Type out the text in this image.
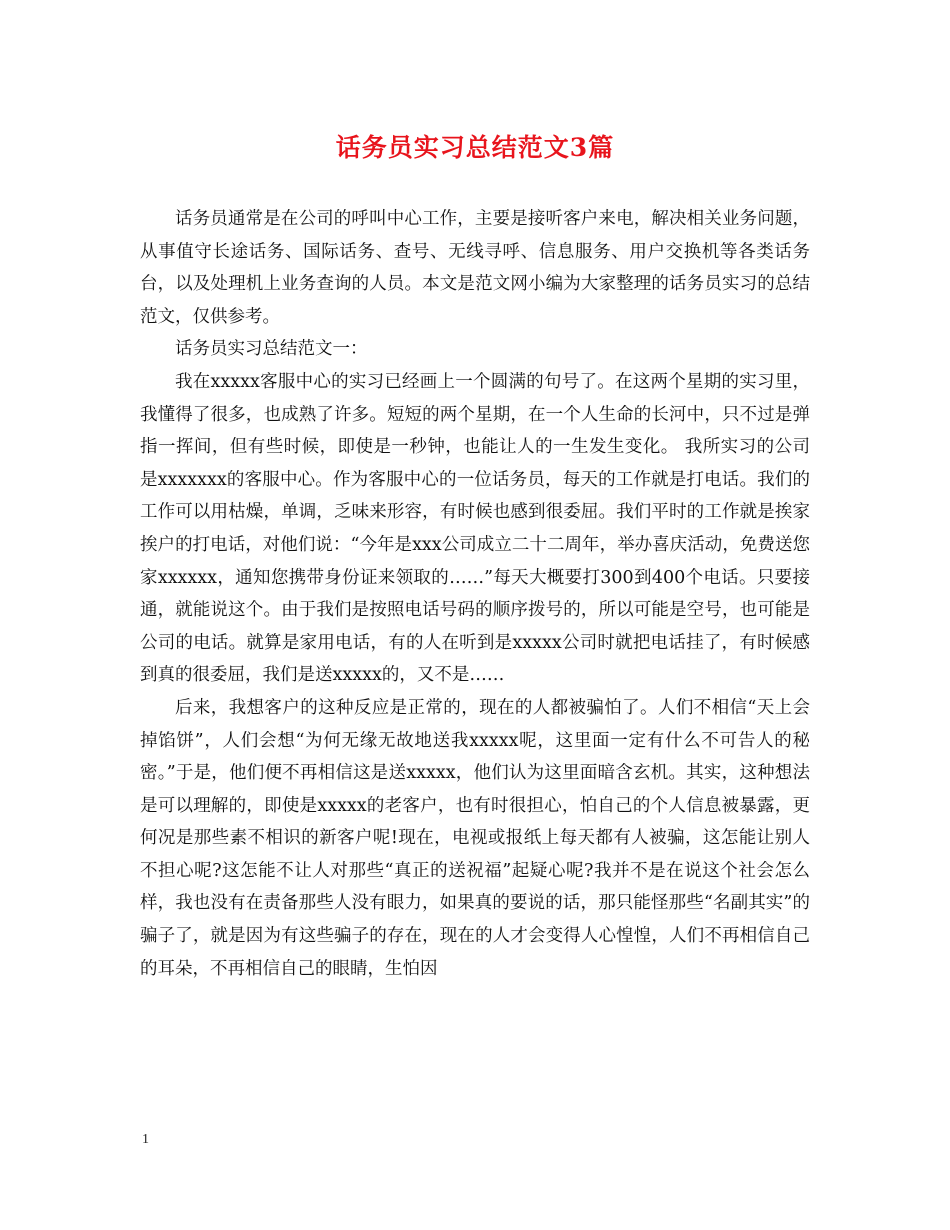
话务员实习总结范文3篇

话务员通常是在公司的呼叫中心工作，主要是接听客户来电，解决相关业务问题，从事值守长途话务、国际话务、查号、无线寻呼、信息服务、用户交换机等各类话务台，以及处理机上业务查询的人员。本文是范文网小编为大家整理的话务员实习的总结范文，仅供参考。

话务员实习总结范文一：

我在xxxxx客服中心的实习已经画上一个圆满的句号了。在这两个星期的实习里，我懂得了很多，也成熟了许多。短短的两个星期，在一个人生命的长河中，只不过是弹指一挥间，但有些时候，即使是一秒钟，也能让人的一生发生变化。 我所实习的公司是xxxxxxx的客服中心。作为客服中心的一位话务员，每天的工作就是打电话。我们的工作可以用枯燥，单调，乏味来形容，有时候也感到很委屈。我们平时的工作就是挨家挨户的打电话，对他们说：“今年是xxx公司成立二十二周年，举办喜庆活动，免费送您家xxxxxx，通知您携带身份证来领取的……”每天大概要打300到400个电话。只要接通，就能说这个。由于我们是按照电话号码的顺序拨号的，所以可能是空号，也可能是公司的电话。就算是家用电话，有的人在听到是xxxxx公司时就把电话挂了，有时候感到真的很委屈，我们是送xxxxx的，又不是……

后来，我想客户的这种反应是正常的，现在的人都被骗怕了。人们不相信“天上会掉馅饼”，人们会想“为何无缘无故地送我xxxxx呢，这里面一定有什么不可告人的秘密。”于是，他们便不再相信这是送xxxxx，他们认为这里面暗含玄机。其实，这种想法是可以理解的，即使是xxxxx的老客户，也有时很担心，怕自己的个人信息被暴露，更何况是那些素不相识的新客户呢!现在，电视或报纸上每天都有人被骗，这怎能让别人不担心呢?这怎能不让人对那些“真正的送祝福”起疑心呢?我并不是在说这个社会怎么样，我也没有在责备那些人没有眼力，如果真的要说的话，那只能怪那些“名副其实”的骗子了，就是因为有这些骗子的存在，现在的人才会变得人心惶惶，人们不再相信自己的耳朵，不再相信自己的眼睛，生怕因

1
